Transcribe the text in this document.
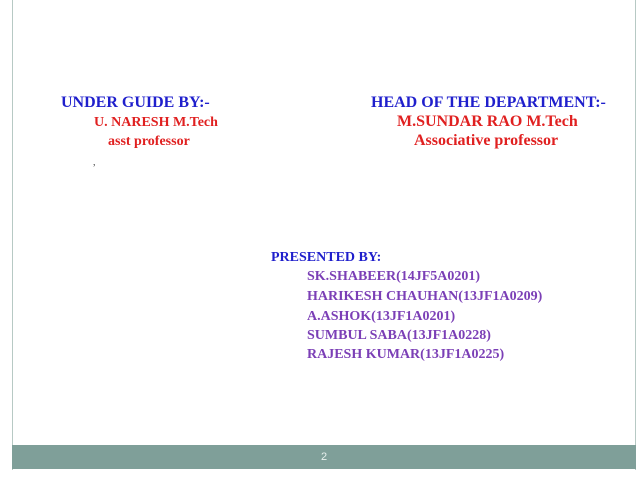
UNDER GUIDE BY:-
U. NARESH M.Tech
asst professor
,
HEAD OF THE DEPARTMENT:-
M.SUNDAR RAO M.Tech
Associative professor
PRESENTED BY:
SK.SHABEER(14JF5A0201)
HARIKESH CHAUHAN(13JF1A0209)
A.ASHOK(13JF1A0201)
SUMBUL SABA(13JF1A0228)
RAJESH KUMAR(13JF1A0225)
2
